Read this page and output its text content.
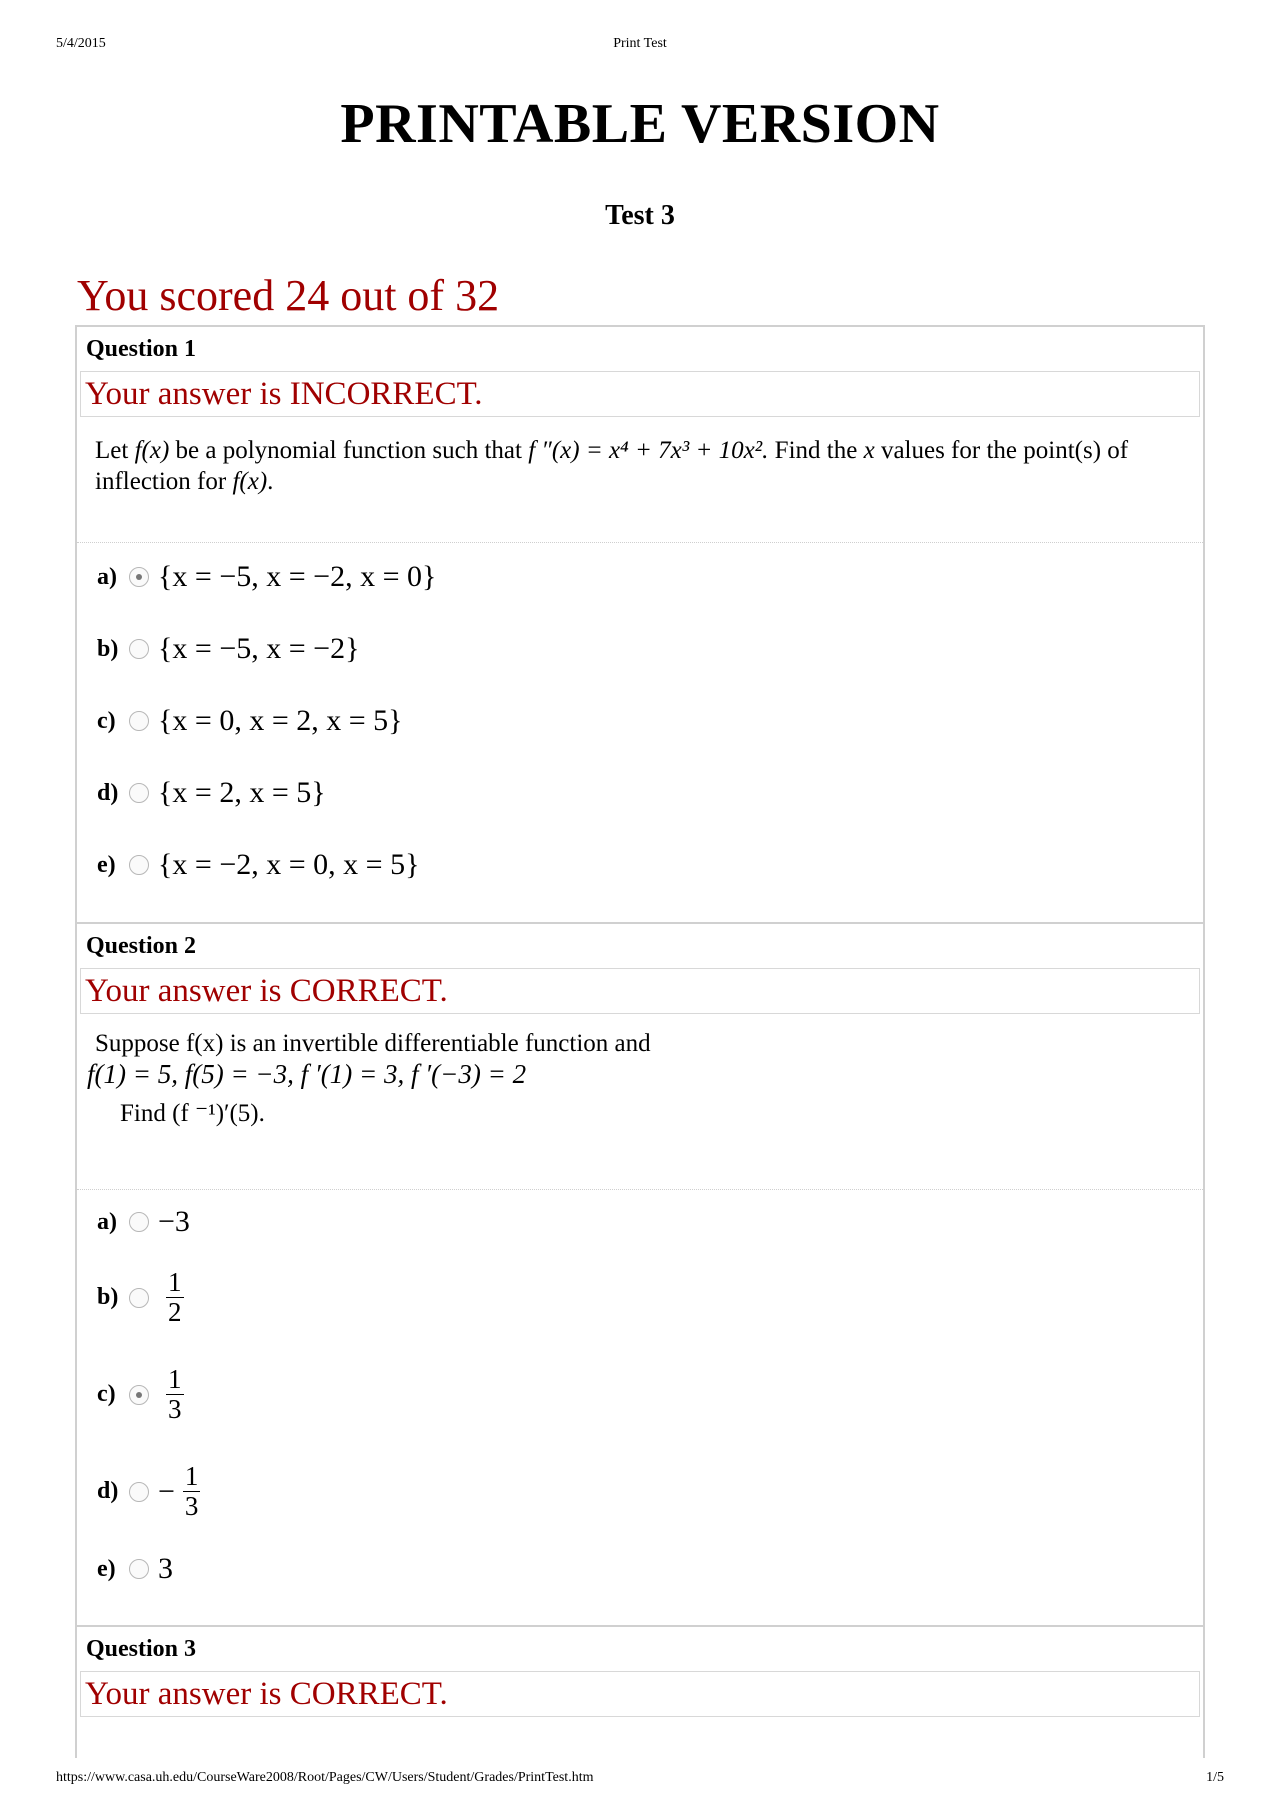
5/4/2015	Print Test
PRINTABLE VERSION
Test 3
You scored 24 out of 32
Question 1
Your answer is INCORRECT.
Let f(x) be a polynomial function such that f ″(x) = x⁴ + 7x³ + 10x². Find the x values for the point(s) of inflection for f(x).
a)	{x = −5, x = −2, x = 0}
b)	{x = −5, x = −2}
c)	{x = 0, x = 2, x = 5}
d)	{x = 2, x = 5}
e)	{x = −2, x = 0, x = 5}
Question 2
Your answer is CORRECT.
Suppose f(x) is an invertible differentiable function and
f(1) = 5, f(5) = −3, f ′(1) = 3, f ′(−3) = 2
Find (f ⁻¹)′(5).
a)	−3
b)	$\frac{1}{2}$
c)	$\frac{1}{3}$
d)	− $\frac{1}{3}$
e)	3
Question 3
Your answer is CORRECT.
https://www.casa.uh.edu/CourseWare2008/Root/Pages/CW/Users/Student/Grades/PrintTest.htm	1/5
